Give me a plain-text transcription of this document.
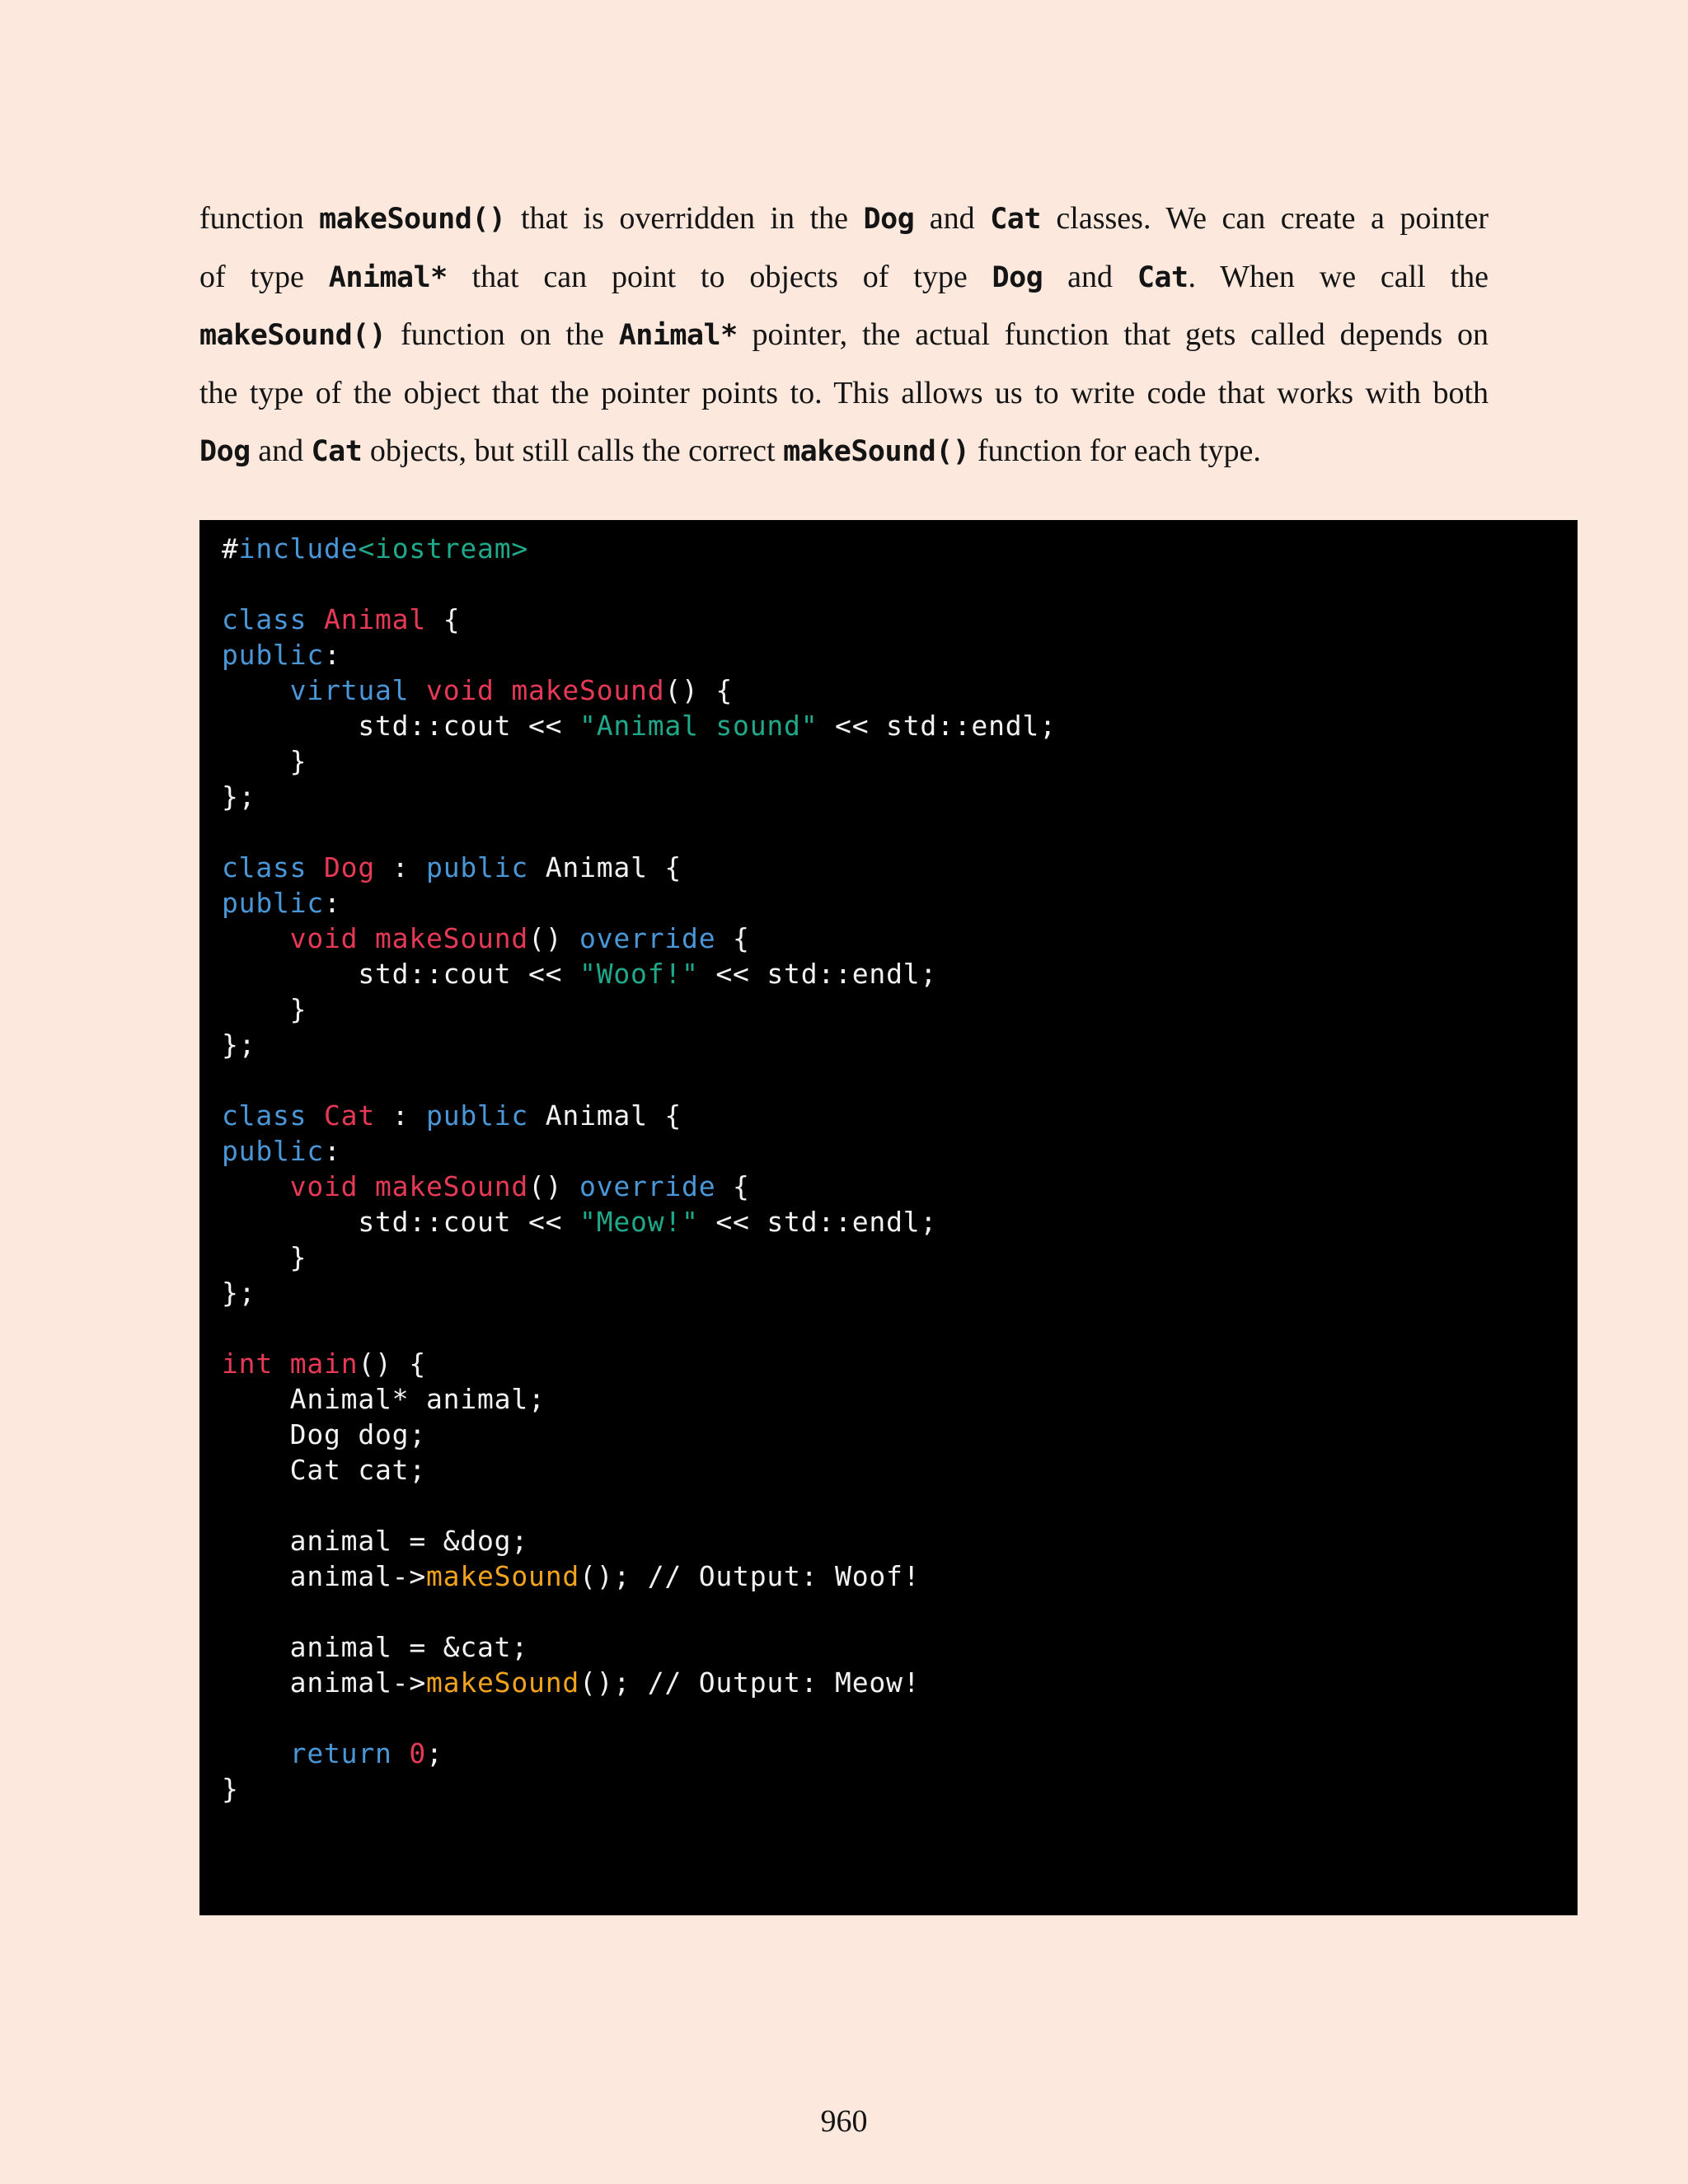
function makeSound() that is overridden in the Dog and Cat classes. We can create a pointer
of type Animal* that can point to objects of type Dog and Cat. When we call the
makeSound() function on the Animal* pointer, the actual function that gets called depends on
the type of the object that the pointer points to. This allows us to write code that works with both
Dog and Cat objects, but still calls the correct makeSound() function for each type.
#include<iostream>

class Animal {
public:
virtual void makeSound() {
std::cout << "Animal sound" << std::endl;
}
};

class Dog : public Animal {
public:
void makeSound() override {
std::cout << "Woof!" << std::endl;
}
};

class Cat : public Animal {
public:
void makeSound() override {
std::cout << "Meow!" << std::endl;
}
};

int main() {
Animal* animal;
Dog dog;
Cat cat;

animal = &dog;
animal->makeSound(); // Output: Woof!

animal = &cat;
animal->makeSound(); // Output: Meow!

return 0;
}
960
